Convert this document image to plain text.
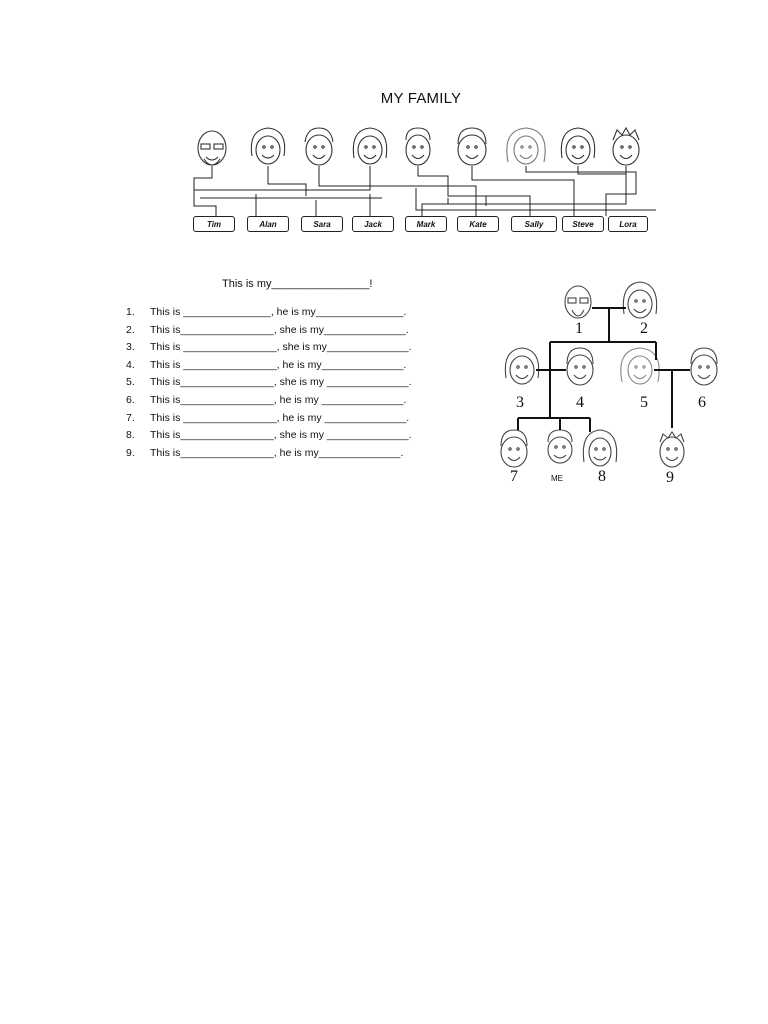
MY FAMILY
Tim	Alan	Sara	Jack	Mark	Kate	Sally	Steve	Lora
This is my________________!
1. This is _______________, he is my_______________.
2. This is________________, she is my______________.
3. This is ________________, she is my______________.
4. This is ________________, he is my______________.
5. This is________________, she is my ______________.
6. This is________________, he is my ______________.
7. This is ________________, he is my ______________.
8. This is________________, she is my ______________.
9. This is________________, he is my______________.
1	2
3	4	5	6
7	ME 8	9
